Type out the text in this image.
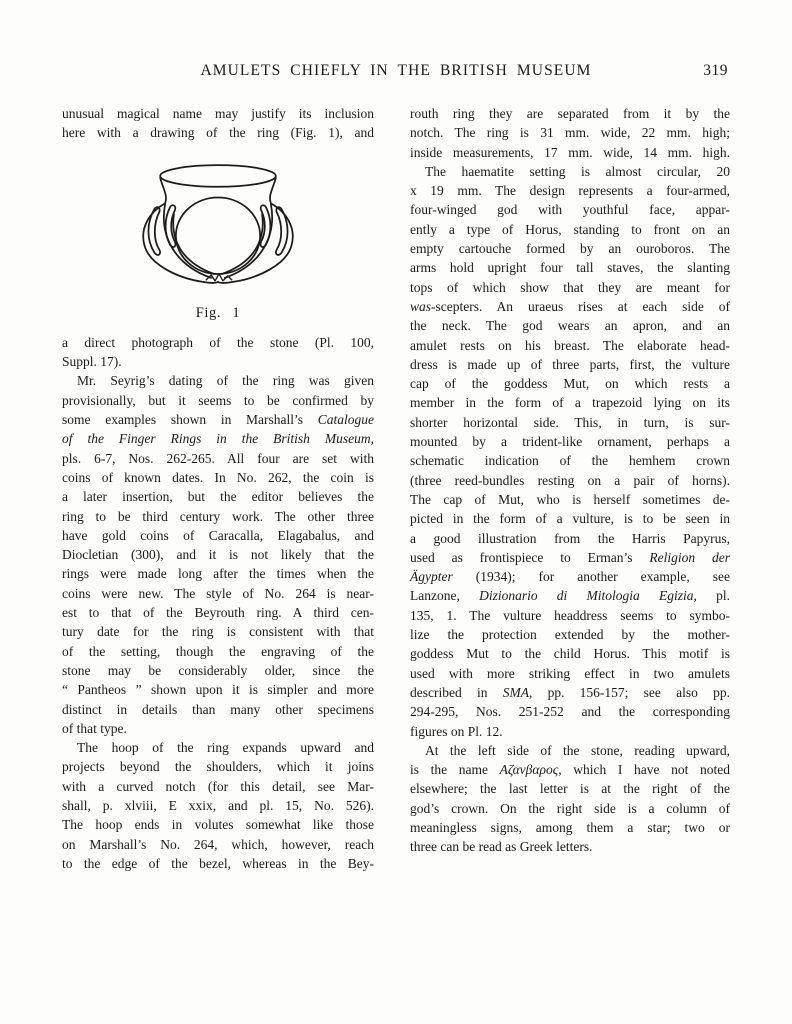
AMULETS CHIEFLY IN THE BRITISH MUSEUM	319
unusual magical name may justify its inclusion
here with a drawing of the ring (Fig. 1), and
Fig. 1
a direct photograph of the stone (Pl. 100,
Suppl. 17).
Mr. Seyrig’s dating of the ring was given
provisionally, but it seems to be confirmed by
some examples shown in Marshall’s Catalogue
of the Finger Rings in the British Museum,
pls. 6-7, Nos. 262-265. All four are set with
coins of known dates. In No. 262, the coin is
a later insertion, but the editor believes the
ring to be third century work. The other three
have gold coins of Caracalla, Elagabalus, and
Diocletian (300), and it is not likely that the
rings were made long after the times when the
coins were new. The style of No. 264 is near-
est to that of the Beyrouth ring. A third cen-
tury date for the ring is consistent with that
of the setting, though the engraving of the
stone may be considerably older, since the
“ Pantheos ” shown upon it is simpler and more
distinct in details than many other specimens
of that type.
The hoop of the ring expands upward and
projects beyond the shoulders, which it joins
with a curved notch (for this detail, see Mar-
shall, p. xlviii, E xxix, and pl. 15, No. 526).
The hoop ends in volutes somewhat like those
on Marshall’s No. 264, which, however, reach
to the edge of the bezel, whereas in the Bey-
routh ring they are separated from it by the
notch. The ring is 31 mm. wide, 22 mm. high;
inside measurements, 17 mm. wide, 14 mm. high.
The haematite setting is almost circular, 20
x 19 mm. The design represents a four-armed,
four-winged god with youthful face, appar-
ently a type of Horus, standing to front on an
empty cartouche formed by an ouroboros. The
arms hold upright four tall staves, the slanting
tops of which show that they are meant for
was-scepters. An uraeus rises at each side of
the neck. The god wears an apron, and an
amulet rests on his breast. The elaborate head-
dress is made up of three parts, first, the vulture
cap of the goddess Mut, on which rests a
member in the form of a trapezoid lying on its
shorter horizontal side. This, in turn, is sur-
mounted by a trident-like ornament, perhaps a
schematic indication of the hemhem crown
(three reed-bundles resting on a pair of horns).
The cap of Mut, who is herself sometimes de-
picted in the form of a vulture, is to be seen in
a good illustration from the Harris Papyrus,
used as frontispiece to Erman’s Religion der
Ägypter (1934); for another example, see
Lanzone, Dizionario di Mitologia Egizia, pl.
135, 1. The vulture headdress seems to symbo-
lize the protection extended by the mother-
goddess Mut to the child Horus. This motif is
used with more striking effect in two amulets
described in SMA, pp. 156-157; see also pp.
294-295, Nos. 251-252 and the corresponding
figures on Pl. 12.
At the left side of the stone, reading upward,
is the name Αζανβαρος, which I have not noted
elsewhere; the last letter is at the right of the
god’s crown. On the right side is a column of
meaningless signs, among them a star; two or
three can be read as Greek letters.
